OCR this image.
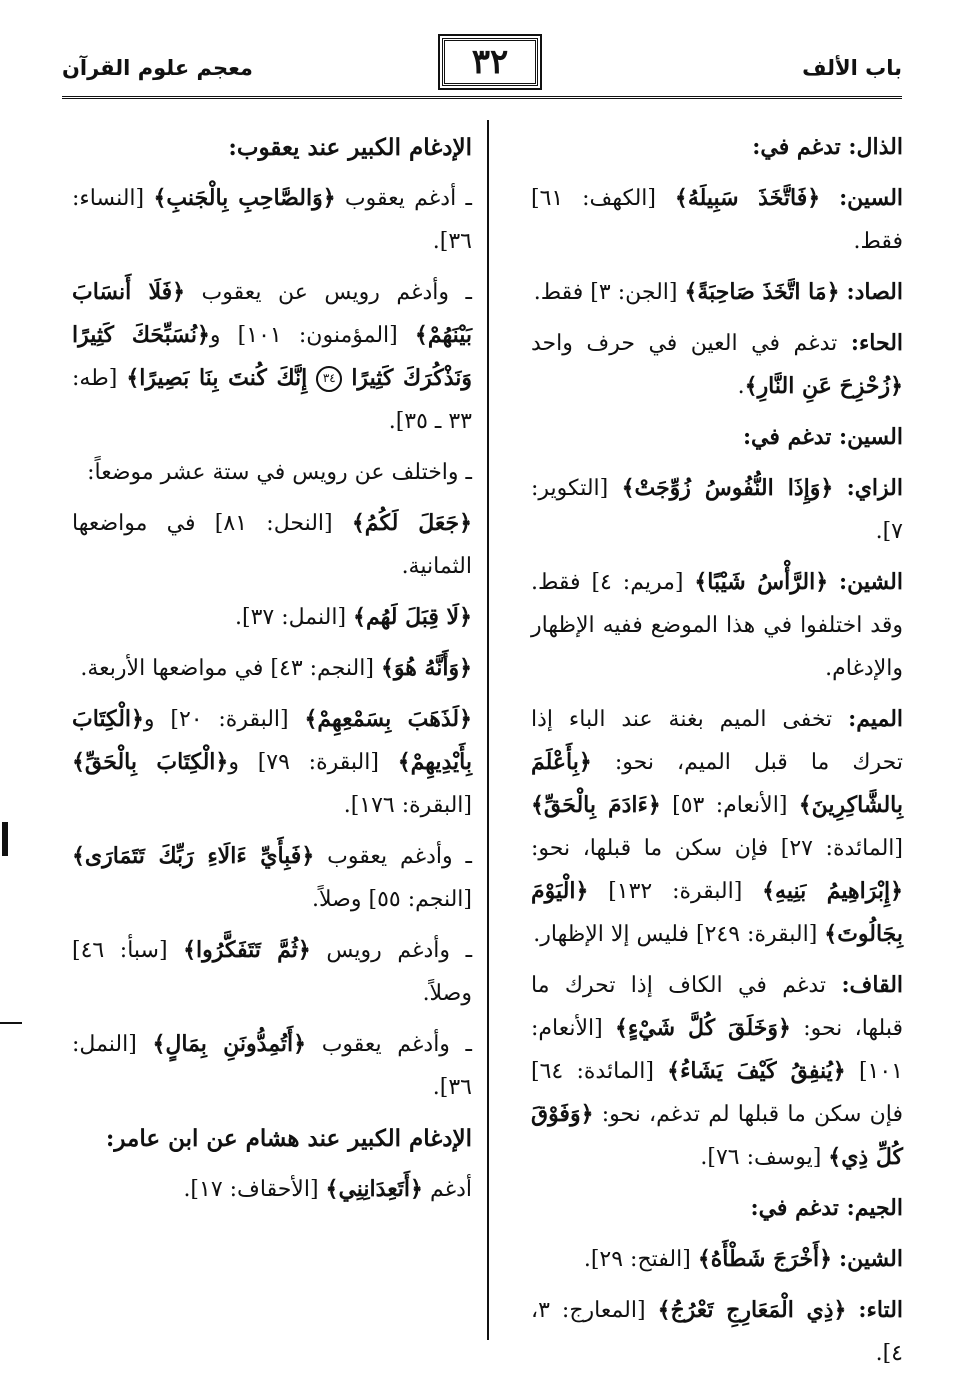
باب الألف
٣٢
معجم علوم القرآن

الذال: تدغم في:

السين: ﴿فَاتَّخَذَ سَبِيلَهُ﴾ [الكهف: ٦١] فقط.

الصاد: ﴿مَا اتَّخَذَ صَاحِبَةً﴾ [الجن: ٣] فقط.

الحاء: تدغم في العين في حرف واحد ﴿زُحْزِحَ عَنِ النَّارِ﴾.

السين: تدغم في:

الزاي: ﴿وَإِذَا النُّفُوسُ زُوِّجَتْ﴾ [التكوير: ٧].

الشين: ﴿الرَّأْسُ شَيْبًا﴾ [مريم: ٤] فقط. وقد اختلفوا في هذا الموضع ففيه الإظهار والإدغام.

الميم: تخفى الميم بغنة عند الباء إذا تحرك ما قبل الميم، نحو: ﴿بِأَعْلَمَ بِالشَّاكِرِينَ﴾ [الأنعام: ٥٣] ﴿ءَادَمَ بِالْحَقِّ﴾ [المائدة: ٢٧] فإن سكن ما قبلها، نحو: ﴿إِبْرَاهِيمُ بَنِيهِ﴾ [البقرة: ١٣٢] ﴿الْيَوْمَ بِجَالُوتَ﴾ [البقرة: ٢٤٩] فليس إلا الإظهار.

القاف: تدغم في الكاف إذا تحرك ما قبلها، نحو: ﴿وَخَلَقَ كُلَّ شَيْءٍ﴾ [الأنعام: ١٠١] ﴿يُنفِقُ كَيْفَ يَشَاءُ﴾ [المائدة: ٦٤] فإن سكن ما قبلها لم تدغم، نحو: ﴿وَفَوْقَ كُلِّ ذِي﴾ [يوسف: ٧٦].

الجيم: تدغم في:

الشين: ﴿أَخْرَجَ شَطْأَهُ﴾ [الفتح: ٢٩].

التاء: ﴿ذِي الْمَعَارِجِ تَعْرُجُ﴾ [المعارج: ٣، ٤].

الإدغام الكبير عند يعقوب:

ـ أدغم يعقوب ﴿وَالصَّاحِبِ بِالْجَنبِ﴾ [النساء: ٣٦].

ـ وأدغم رويس عن يعقوب ﴿فَلَا أَنسَابَ بَيْنَهُمْ﴾ [المؤمنون: ١٠١] و﴿نُسَبِّحَكَ كَثِيرًا وَنَذْكُرَكَ كَثِيرًا ٣٤ إِنَّكَ كُنتَ بِنَا بَصِيرًا﴾ [طه: ٣٣ ـ ٣٥].

ـ واختلف عن رويس في ستة عشر موضعاً:

﴿جَعَلَ لَكُمُ﴾ [النحل: ٨١] في مواضعها الثمانية.

﴿لَا قِبَلَ لَهُم﴾ [النمل: ٣٧].

﴿وَأَنَّهُ هُوَ﴾ [النجم: ٤٣] في مواضعها الأربعة.

﴿لَذَهَبَ بِسَمْعِهِمْ﴾ [البقرة: ٢٠] و﴿الْكِتَابَ بِأَيْدِيهِمْ﴾ [البقرة: ٧٩] و﴿الْكِتَابَ بِالْحَقِّ﴾ [البقرة: ١٧٦].

ـ وأدغم يعقوب ﴿فَبِأَيِّ ءَالَاءِ رَبِّكَ تَتَمَارَى﴾ [النجم: ٥٥] وصلاً.

ـ وأدغم رويس ﴿ثُمَّ تَتَفَكَّرُوا﴾ [سبأ: ٤٦] وصلاً.

ـ وأدغم يعقوب ﴿أَتُمِدُّونَنِ بِمَالٍ﴾ [النمل: ٣٦].

الإدغام الكبير عند هشام عن ابن عامر:

أدغم ﴿أَتَعِدَانِنِي﴾ [الأحقاف: ١٧].
